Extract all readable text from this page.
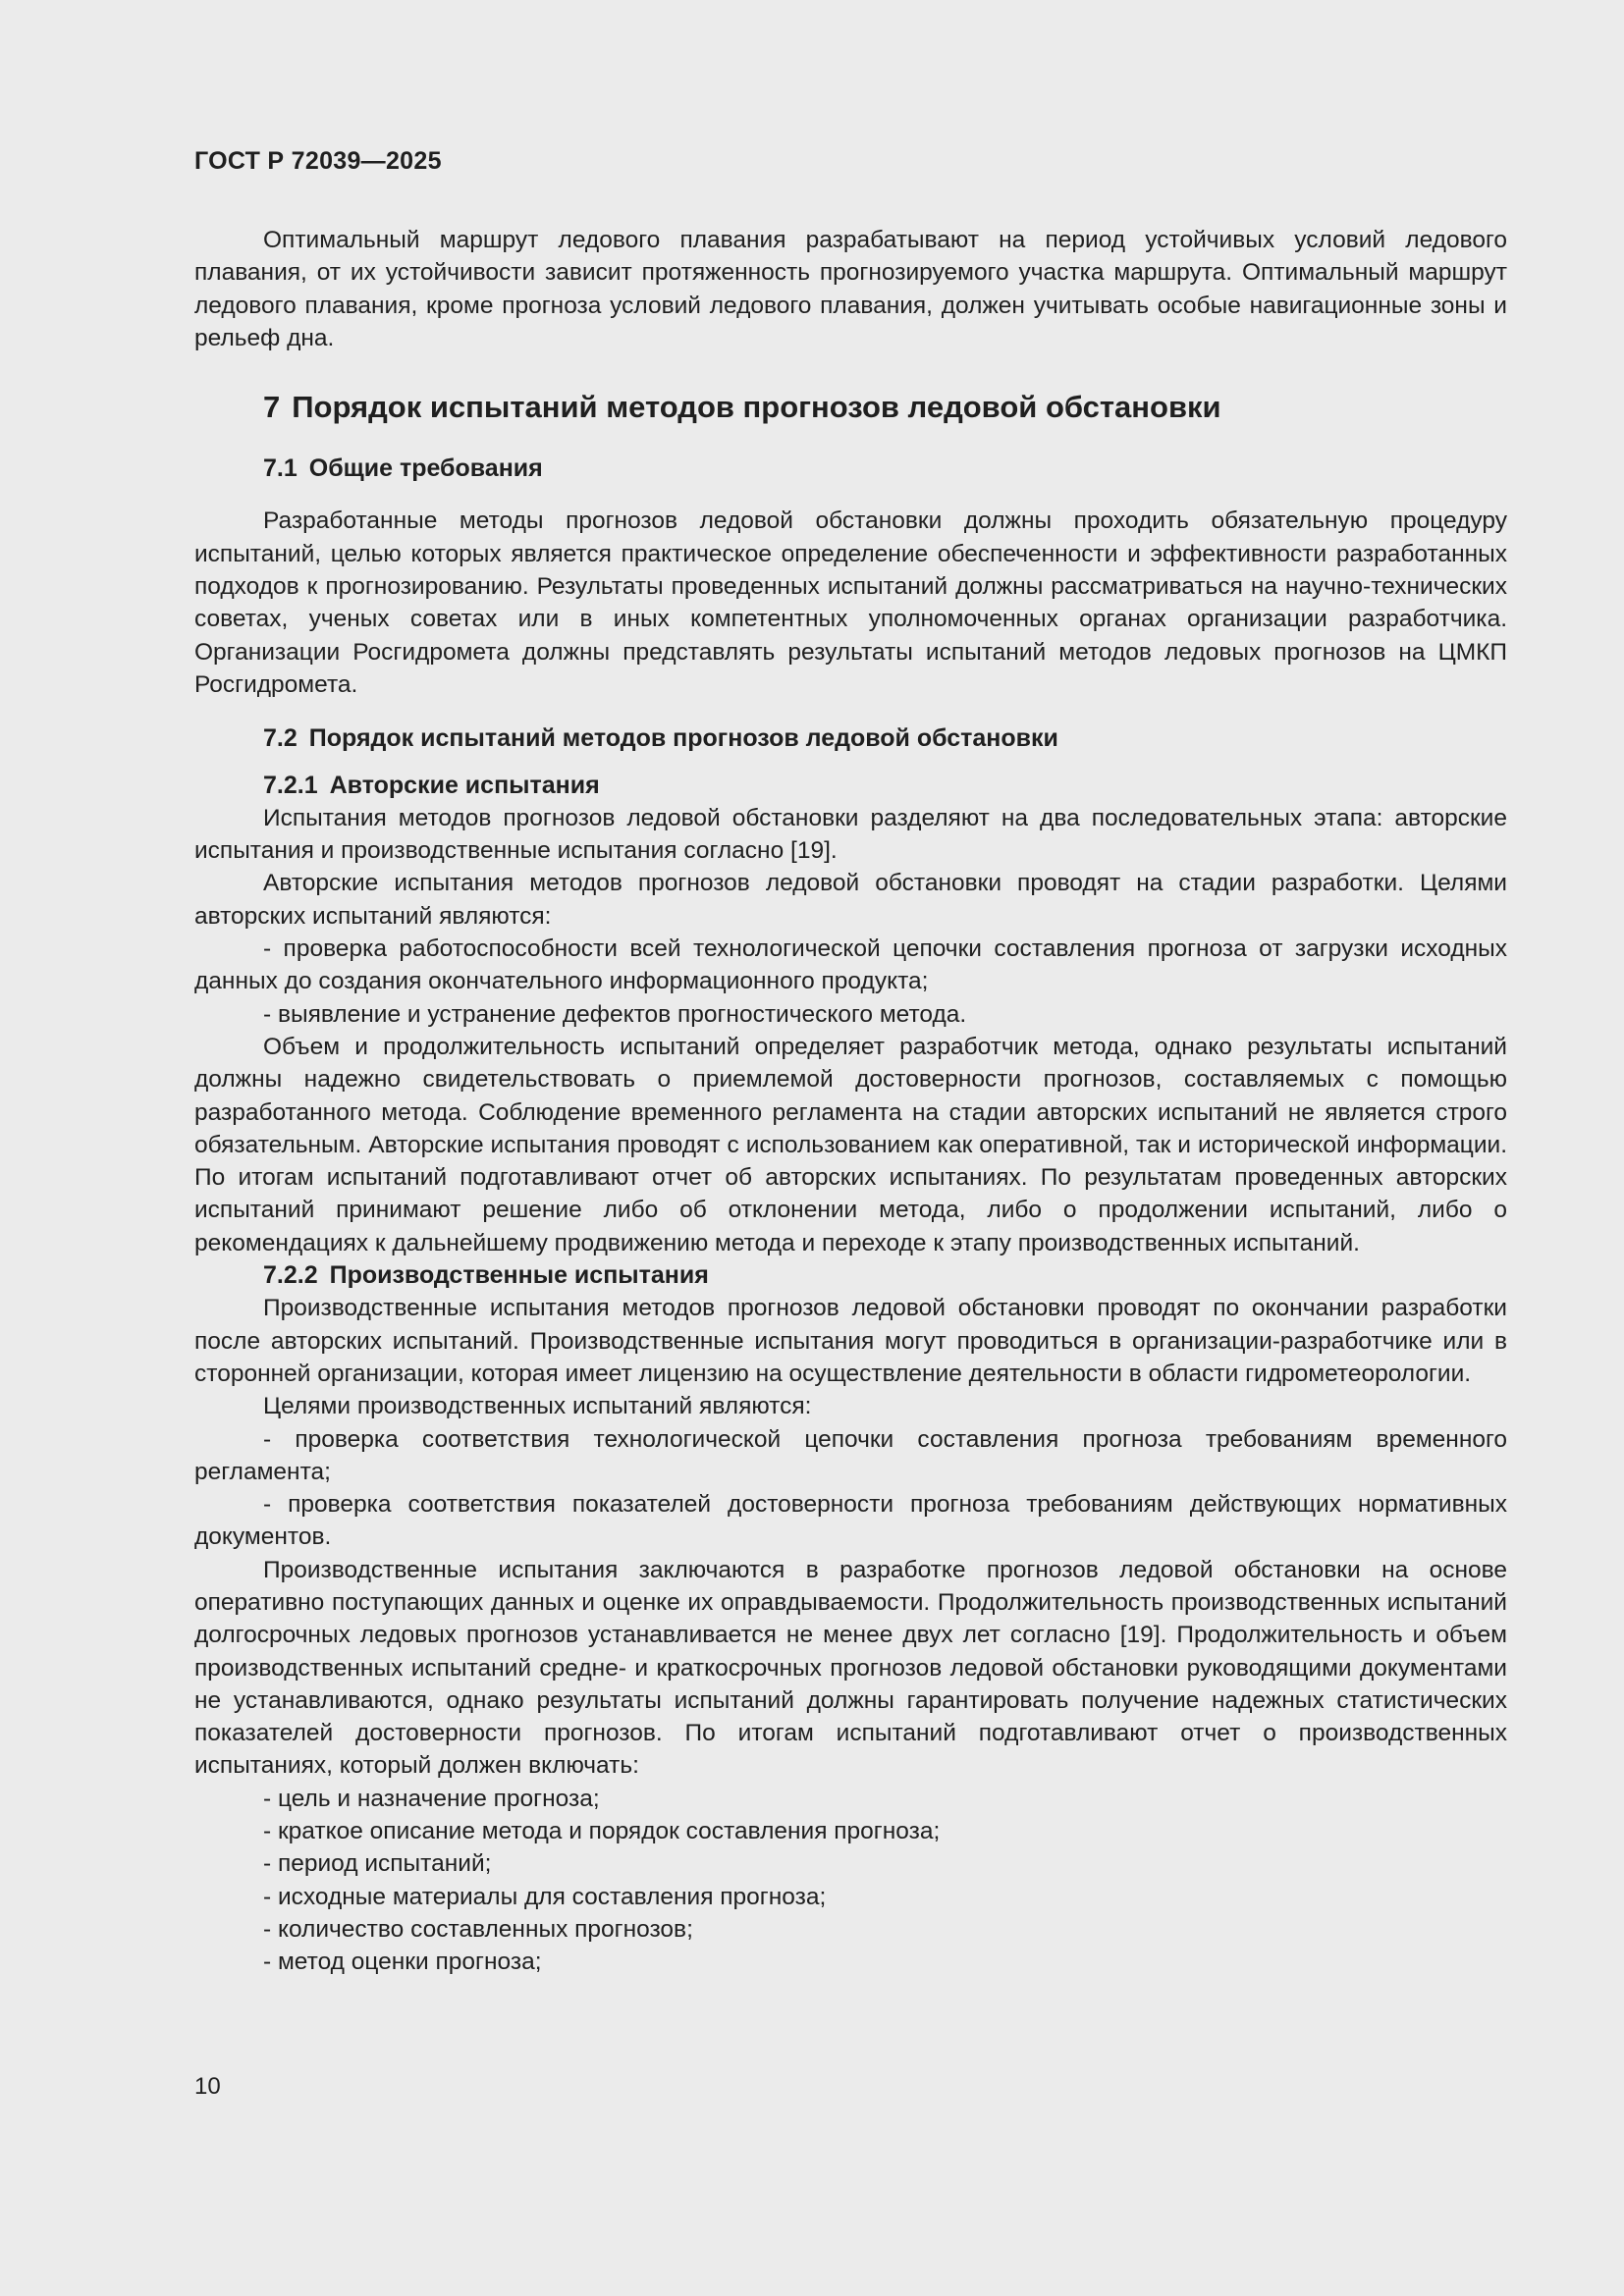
ГОСТ Р 72039—2025

Оптимальный маршрут ледового плавания разрабатывают на период устойчивых условий ледового плавания, от их устойчивости зависит протяженность прогнозируемого участка маршрута. Оптимальный маршрут ледового плавания, кроме прогноза условий ледового плавания, должен учитывать особые навигационные зоны и рельеф дна.

7 Порядок испытаний методов прогнозов ледовой обстановки
7.1 Общие требования

Разработанные методы прогнозов ледовой обстановки должны проходить обязательную процедуру испытаний, целью которых является практическое определение обеспеченности и эффективности разработанных подходов к прогнозированию. Результаты проведенных испытаний должны рассматриваться на научно-технических советах, ученых советах или в иных компетентных уполномоченных органах организации разработчика. Организации Росгидромета должны представлять результаты испытаний методов ледовых прогнозов на ЦМКП Росгидромета.

7.2 Порядок испытаний методов прогнозов ледовой обстановки
7.2.1 Авторские испытания

Испытания методов прогнозов ледовой обстановки разделяют на два последовательных этапа: авторские испытания и производственные испытания согласно [19].

Авторские испытания методов прогнозов ледовой обстановки проводят на стадии разработки. Целями авторских испытаний являются:

- проверка работоспособности всей технологической цепочки составления прогноза от загрузки исходных данных до создания окончательного информационного продукта;

- выявление и устранение дефектов прогностического метода.

Объем и продолжительность испытаний определяет разработчик метода, однако результаты испытаний должны надежно свидетельствовать о приемлемой достоверности прогнозов, составляемых с помощью разработанного метода. Соблюдение временного регламента на стадии авторских испытаний не является строго обязательным. Авторские испытания проводят с использованием как оперативной, так и исторической информации. По итогам испытаний подготавливают отчет об авторских испытаниях. По результатам проведенных авторских испытаний принимают решение либо об отклонении метода, либо о продолжении испытаний, либо о рекомендациях к дальнейшему продвижению метода и переходе к этапу производственных испытаний.

7.2.2 Производственные испытания

Производственные испытания методов прогнозов ледовой обстановки проводят по окончании разработки после авторских испытаний. Производственные испытания могут проводиться в организации-разработчике или в сторонней организации, которая имеет лицензию на осуществление деятельности в области гидрометеорологии.

Целями производственных испытаний являются:

- проверка соответствия технологической цепочки составления прогноза требованиям временного регламента;

- проверка соответствия показателей достоверности прогноза требованиям действующих нормативных документов.

Производственные испытания заключаются в разработке прогнозов ледовой обстановки на основе оперативно поступающих данных и оценке их оправдываемости. Продолжительность производственных испытаний долгосрочных ледовых прогнозов устанавливается не менее двух лет согласно [19]. Продолжительность и объем производственных испытаний средне- и краткосрочных прогнозов ледовой обстановки руководящими документами не устанавливаются, однако результаты испытаний должны гарантировать получение надежных статистических показателей достоверности прогнозов. По итогам испытаний подготавливают отчет о производственных испытаниях, который должен включать:

- цель и назначение прогноза;

- краткое описание метода и порядок составления прогноза;

- период испытаний;

- исходные материалы для составления прогноза;

- количество составленных прогнозов;

- метод оценки прогноза;

10
